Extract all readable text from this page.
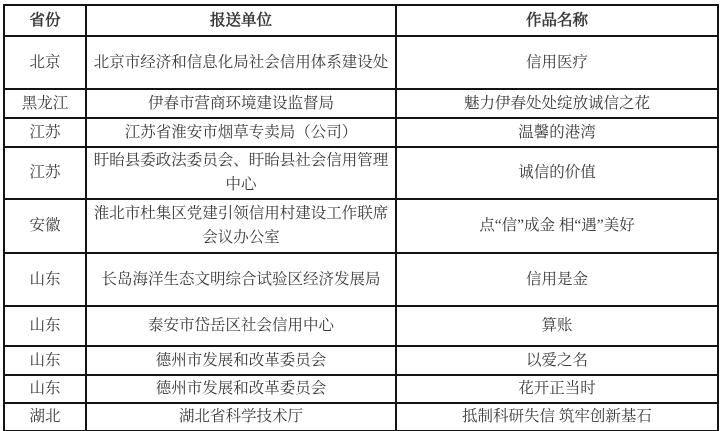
省份	报送单位	作品名称
北京	北京市经济和信息化局社会信用体系建设处	信用医疗
黑龙江	伊春市营商环境建设监督局	魅力伊春处处绽放诚信之花
江苏	江苏省淮安市烟草专卖局（公司）	温馨的港湾
江苏	盱眙县委政法委员会、盱眙县社会信用管理中心	诚信的价值
安徽	淮北市杜集区党建引领信用村建设工作联席会议办公室	点“信”成金 相“遇”美好
山东	长岛海洋生态文明综合试验区经济发展局	信用是金
山东	泰安市岱岳区社会信用中心	算账
山东	德州市发展和改革委员会	以爱之名
山东	德州市发展和改革委员会	花开正当时
湖北	湖北省科学技术厅	抵制科研失信 筑牢创新基石
